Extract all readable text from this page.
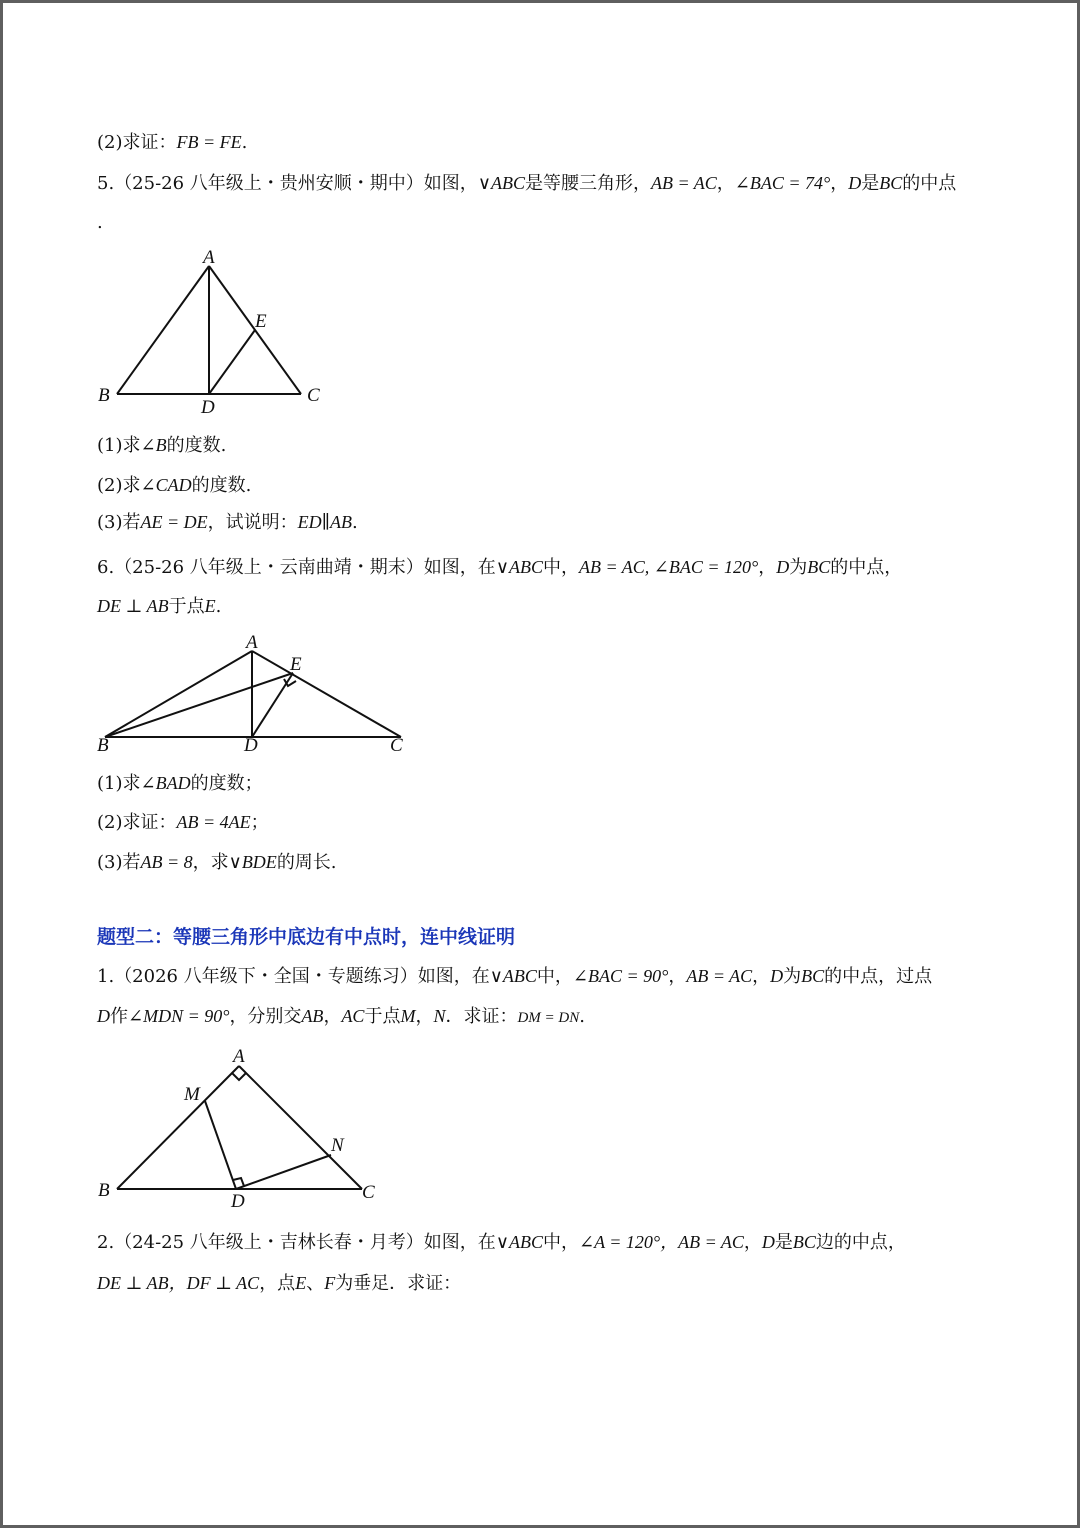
(2)求证：FB = FE.
5.（25-26 八年级上・贵州安顺・期中）如图，∨ABC是等腰三角形，AB = AC，∠BAC = 74°，D是BC的中点
.
A
B	C
D
E
(1)求∠B的度数.
(2)求∠CAD的度数.
(3)若AE = DE，试说明：ED∥AB.
6.（25-26 八年级上・云南曲靖・期末）如图，在∨ABC中，AB = AC, ∠BAC = 120°，D为BC的中点，
DE ⊥ AB于点E.
A
B	C
D
E
(1)求∠BAD的度数；
(2)求证：AB = 4AE；
(3)若AB = 8，求∨BDE的周长.
题型二：等腰三角形中底边有中点时，连中线证明
1.（2026 八年级下・全国・专题练习）如图，在∨ABC中，∠BAC = 90°，AB = AC，D为BC的中点，过点
D作∠MDN = 90°，分别交AB，AC于点M，N．求证：DM = DN.
A
M
N
B
D	C
2.（24-25 八年级上・吉林长春・月考）如图，在∨ABC中，∠A = 120°，AB = AC，D是BC边的中点，
DE ⊥ AB，DF ⊥ AC，点E、F为垂足．求证：
